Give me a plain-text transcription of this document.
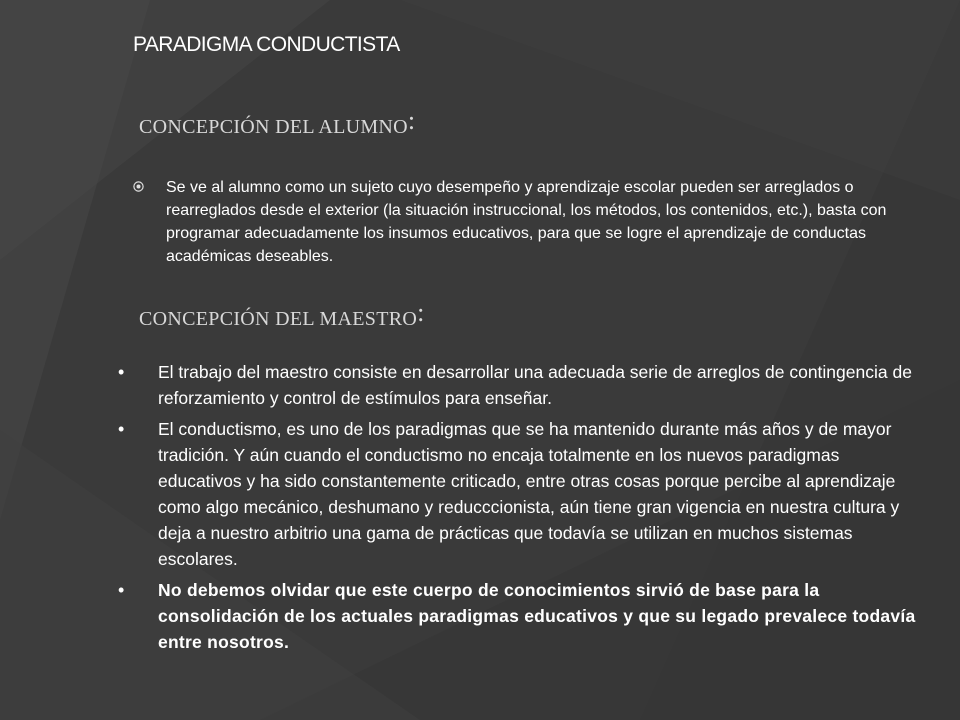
PARADIGMA CONDUCTISTA
CONCEPCIÓN DEL ALUMNO:
Se ve al alumno como un sujeto cuyo desempeño y aprendizaje escolar pueden ser arreglados o rearreglados desde el exterior (la situación instruccional, los métodos, los contenidos, etc.), basta con programar adecuadamente los insumos educativos, para que se logre el aprendizaje de conductas académicas deseables.
CONCEPCIÓN DEL MAESTRO:
• El trabajo del maestro consiste en desarrollar una adecuada serie de arreglos de contingencia de reforzamiento y control de estímulos para enseñar.
• El conductismo, es uno de los paradigmas que se ha mantenido durante más años y de mayor tradición. Y aún cuando el conductismo no encaja totalmente en los nuevos paradigmas educativos y ha sido constantemente criticado, entre otras cosas porque percibe al aprendizaje como algo mecánico, deshumano y reducccionista, aún tiene gran vigencia en nuestra cultura y deja a nuestro arbitrio una gama de prácticas que todavía se utilizan en muchos sistemas escolares.
• No debemos olvidar que este cuerpo de conocimientos sirvió de base para la consolidación de los actuales paradigmas educativos y que su legado prevalece todavía entre nosotros.
